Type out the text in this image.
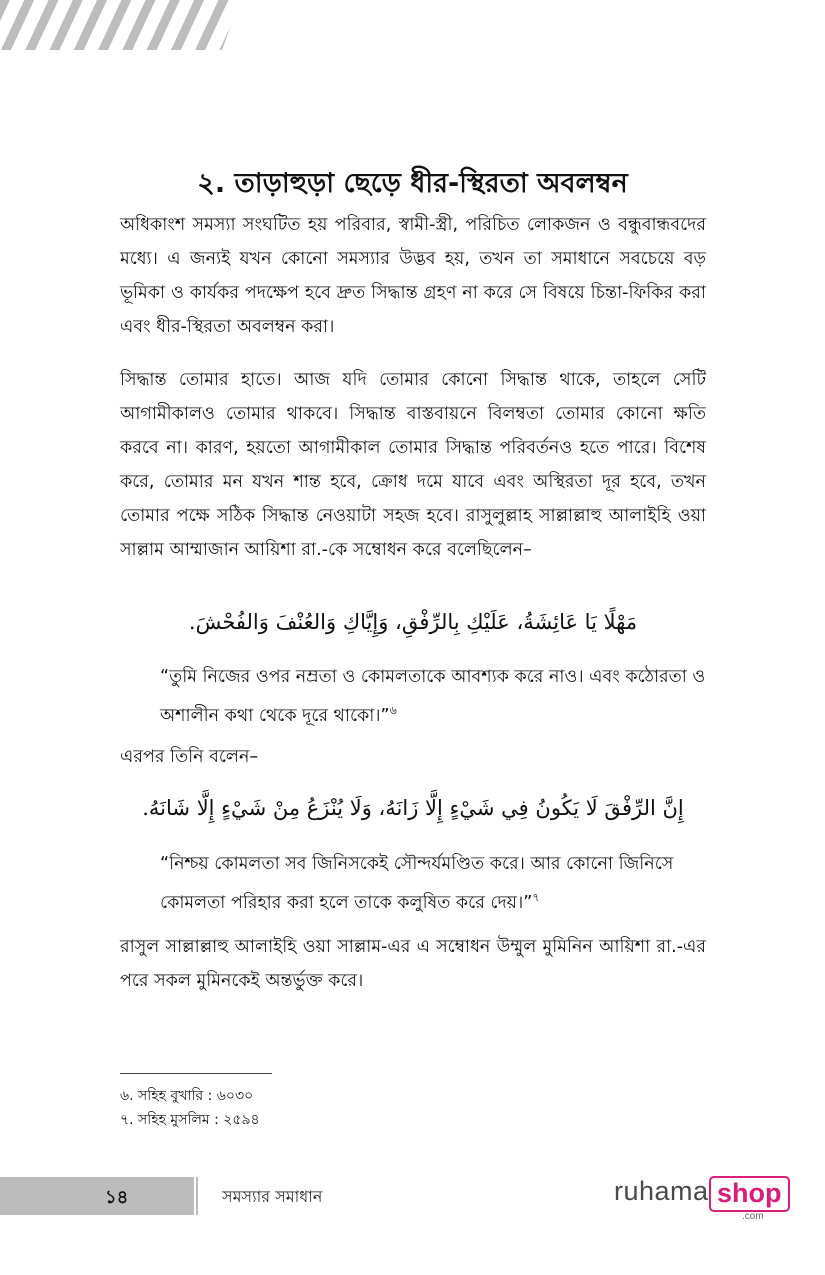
২. তাড়াহুড়া ছেড়ে ধীর-স্থিরতা অবলম্বন

অধিকাংশ সমস্যা সংঘটিত হয় পরিবার, স্বামী-স্ত্রী, পরিচিত লোকজন ও বন্ধুবান্ধবদের মধ্যে। এ জন্যই যখন কোনো সমস্যার উদ্ভব হয়, তখন তা সমাধানে সবচেয়ে বড় ভূমিকা ও কার্যকর পদক্ষেপ হবে দ্রুত সিদ্ধান্ত গ্রহণ না করে সে বিষয়ে চিন্তা-ফিকির করা এবং ধীর-স্থিরতা অবলম্বন করা।

সিদ্ধান্ত তোমার হাতে। আজ যদি তোমার কোনো সিদ্ধান্ত থাকে, তাহলে সেটি আগামীকালও তোমার থাকবে। সিদ্ধান্ত বাস্তবায়নে বিলম্বতা তোমার কোনো ক্ষতি করবে না। কারণ, হয়তো আগামীকাল তোমার সিদ্ধান্ত পরিবর্তনও হতে পারে। বিশেষ করে, তোমার মন যখন শান্ত হবে, ক্রোধ দমে যাবে এবং অস্থিরতা দূর হবে, তখন তোমার পক্ষে সঠিক সিদ্ধান্ত নেওয়াটা সহজ হবে। রাসুলুল্লাহ সাল্লাল্লাহু আলাইহি ওয়া সাল্লাম আম্মাজান আয়িশা রা.-কে সম্বোধন করে বলেছিলেন–

مَهْلًا يَا عَائِشَةُ، عَلَيْكِ بِالرِّفْقِ، وَإِيَّاكِ وَالعُنْفَ وَالفُحْشَ.

“তুমি নিজের ওপর নম্রতা ও কোমলতাকে আবশ্যক করে নাও। এবং কঠোরতা ও অশালীন কথা থেকে দূরে থাকো।”$^৬$

এরপর তিনি বলেন–

إِنَّ الرِّفْقَ لَا يَكُونُ فِي شَيْءٍ إِلَّا زَانَهُ، وَلَا يُنْزَعُ مِنْ شَيْءٍ إِلَّا شَانَهُ.

“নিশ্চয় কোমলতা সব জিনিসকেই সৌন্দর্যমণ্ডিত করে। আর কোনো জিনিসে কোমলতা পরিহার করা হলে তাকে কলুষিত করে দেয়।”$^৭$

রাসুল সাল্লাল্লাহু আলাইহি ওয়া সাল্লাম-এর এ সম্বোধন উম্মুল মুমিনিন আয়িশা রা.-এর পরে সকল মুমিনকেই অন্তর্ভুক্ত করে।

৬. সহিহ বুখারি : ৬০৩০

৭. সহিহ মুসলিম : ২৫৯৪

১৪	সমস্যার সমাধান	ruhama shop
.com
